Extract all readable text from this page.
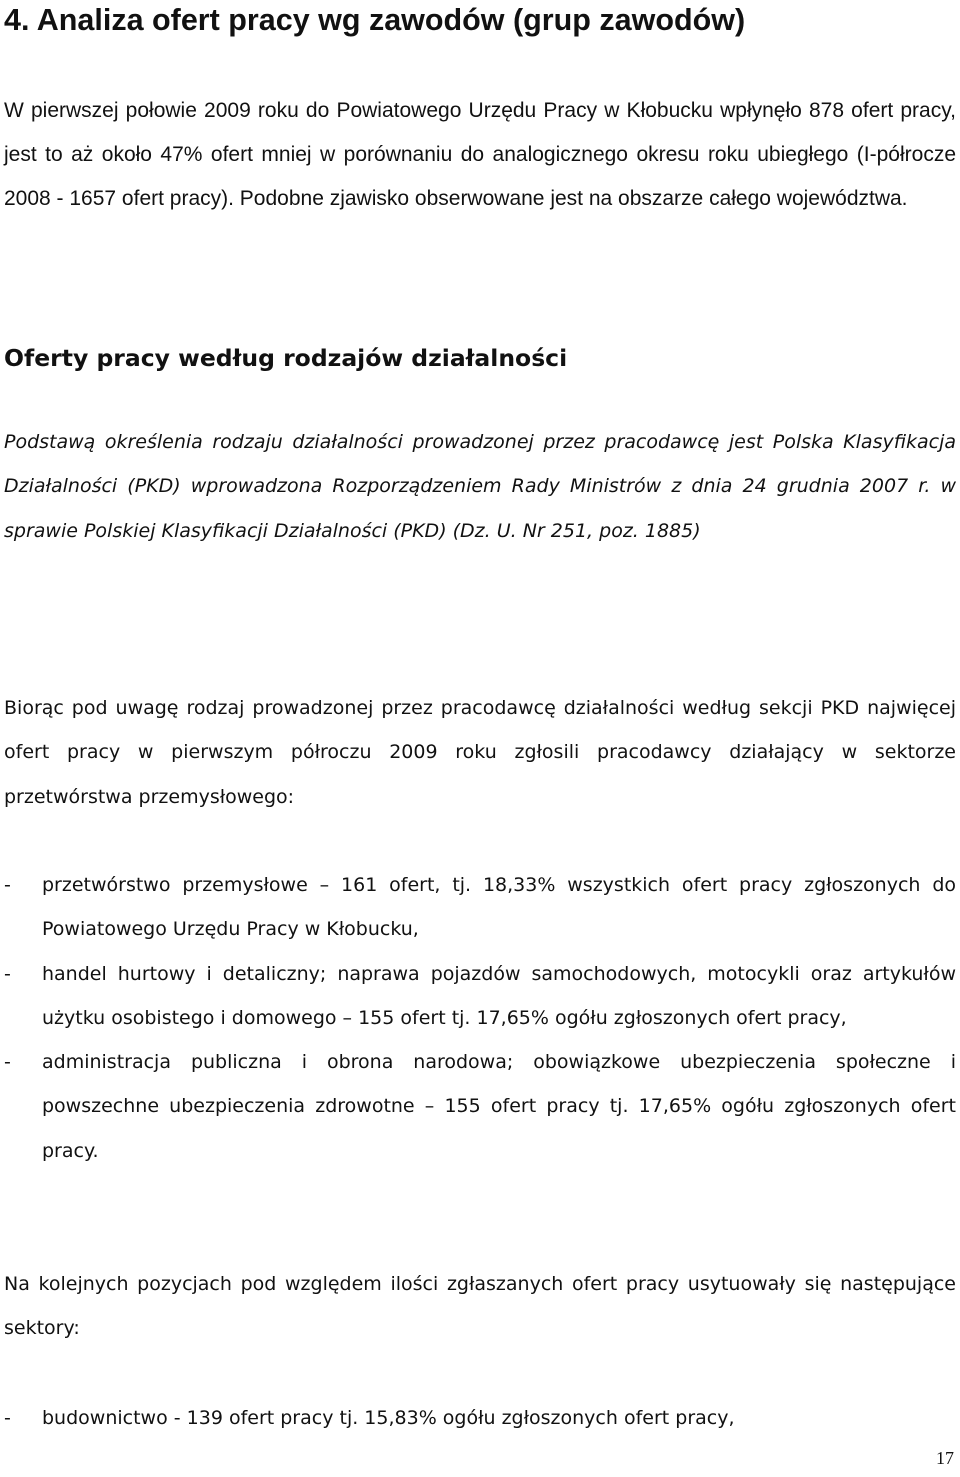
4. Analiza ofert pracy wg zawodów (grup zawodów)

W pierwszej połowie 2009 roku do Powiatowego Urzędu Pracy w Kłobucku wpłynęło 878 ofert pracy, jest to aż około 47% ofert mniej w porównaniu do analogicznego okresu roku ubiegłego (I-półrocze 2008 - 1657 ofert pracy). Podobne zjawisko obserwowane jest na obszarze całego województwa.

Oferty pracy według rodzajów działalności

Podstawą określenia rodzaju działalności prowadzonej przez pracodawcę jest Polska Klasyfikacja Działalności (PKD) wprowadzona Rozporządzeniem Rady Ministrów z dnia 24 grudnia 2007 r. w sprawie Polskiej Klasyfikacji Działalności (PKD) (Dz. U. Nr 251, poz. 1885)

Biorąc pod uwagę rodzaj prowadzonej przez pracodawcę działalności według sekcji PKD najwięcej ofert pracy w pierwszym półroczu 2009 roku zgłosili pracodawcy działający w sektorze przetwórstwa przemysłowego:

- przetwórstwo przemysłowe – 161 ofert, tj. 18,33% wszystkich ofert pracy zgłoszonych do Powiatowego Urzędu Pracy w Kłobucku,
- handel hurtowy i detaliczny; naprawa pojazdów samochodowych, motocykli oraz artykułów użytku osobistego i domowego – 155 ofert tj. 17,65% ogółu zgłoszonych ofert pracy,
- administracja publiczna i obrona narodowa; obowiązkowe ubezpieczenia społeczne i powszechne ubezpieczenia zdrowotne – 155 ofert pracy tj. 17,65% ogółu zgłoszonych ofert pracy.

Na kolejnych pozycjach pod względem ilości zgłaszanych ofert pracy usytuowały się następujące sektory:

- budownictwo - 139 ofert pracy tj. 15,83% ogółu zgłoszonych ofert pracy,
17
